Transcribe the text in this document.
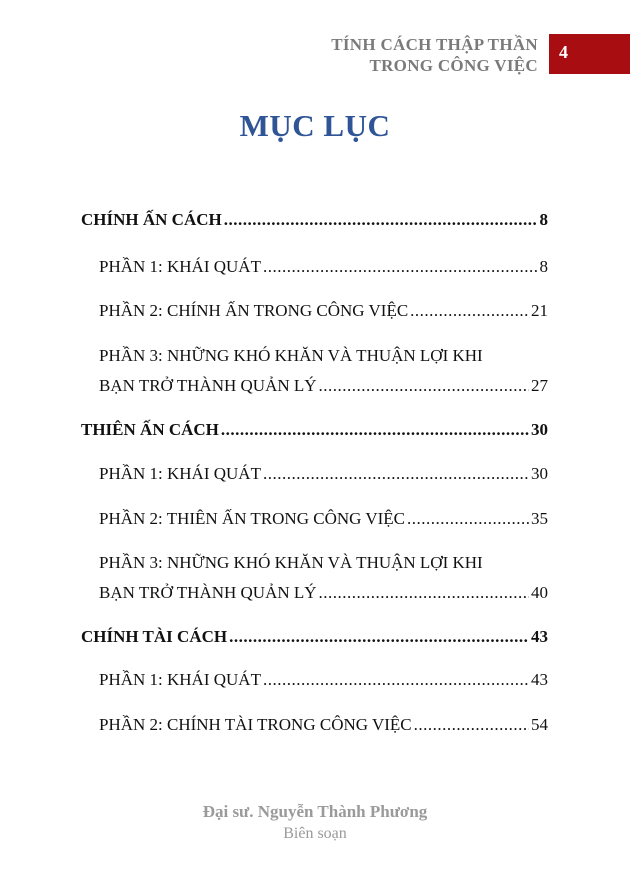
TÍNH CÁCH THẬP THẦN
TRONG CÔNG VIỆC
4
MỤC LỤC
CHÍNH ẤN CÁCH .....	8
PHẦN 1: KHÁI QUÁT .....	8
PHẦN 2: CHÍNH ẤN TRONG CÔNG VIỆC .....	21
PHẦN 3: NHỮNG KHÓ KHĂN VÀ THUẬN LỢI KHI
BẠN TRỞ THÀNH QUẢN LÝ .....	27
THIÊN ẤN CÁCH .....	30
PHẦN 1: KHÁI QUÁT .....	30
PHẦN 2: THIÊN ẤN TRONG CÔNG VIỆC .....	35
PHẦN 3: NHỮNG KHÓ KHĂN VÀ THUẬN LỢI KHI
BẠN TRỞ THÀNH QUẢN LÝ .....	40
CHÍNH TÀI CÁCH .....	43
PHẦN 1: KHÁI QUÁT .....	43
PHẦN 2: CHÍNH TÀI TRONG CÔNG VIỆC .....	54
Đại sư. Nguyễn Thành Phương
Biên soạn
